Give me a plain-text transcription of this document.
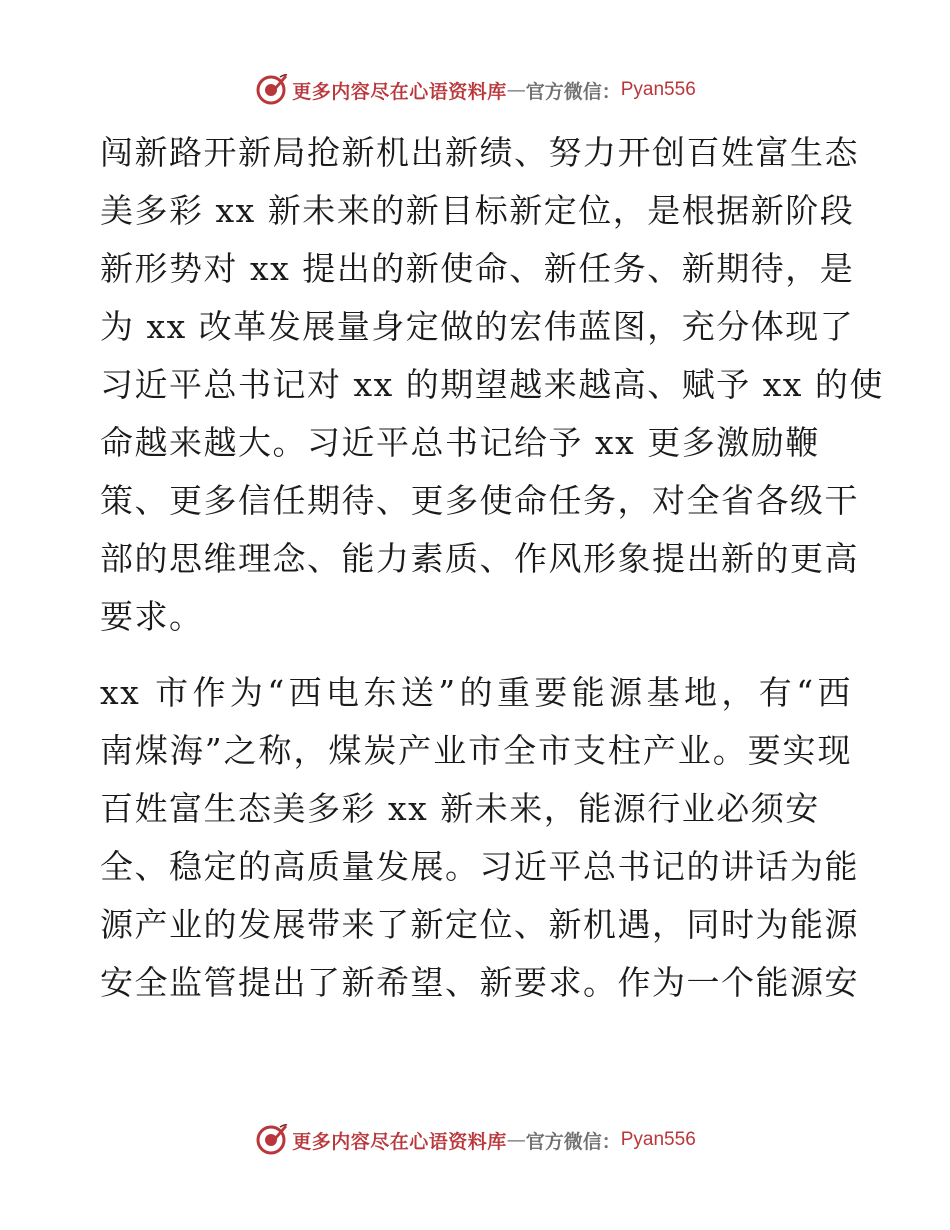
更多内容尽在心语资料库 — 官方微信： Pyan556
闯新路开新局抢新机出新绩、努力开创百姓富生态
美多彩 xx 新未来的新目标新定位，是根据新阶段
新形势对 xx 提出的新使命、新任务、新期待，是
为 xx 改革发展量身定做的宏伟蓝图，充分体现了
习近平总书记对 xx 的期望越来越高、赋予 xx 的使
命越来越大。习近平总书记给予 xx 更多激励鞭
策、更多信任期待、更多使命任务，对全省各级干
部的思维理念、能力素质、作风形象提出新的更高
要求。
xx 市作为“西电东送”的重要能源基地，有“西
南煤海”之称，煤炭产业市全市支柱产业。要实现
百姓富生态美多彩 xx 新未来，能源行业必须安
全、稳定的高质量发展。习近平总书记的讲话为能
源产业的发展带来了新定位、新机遇，同时为能源
安全监管提出了新希望、新要求。作为一个能源安
更多内容尽在心语资料库 — 官方微信： Pyan556
